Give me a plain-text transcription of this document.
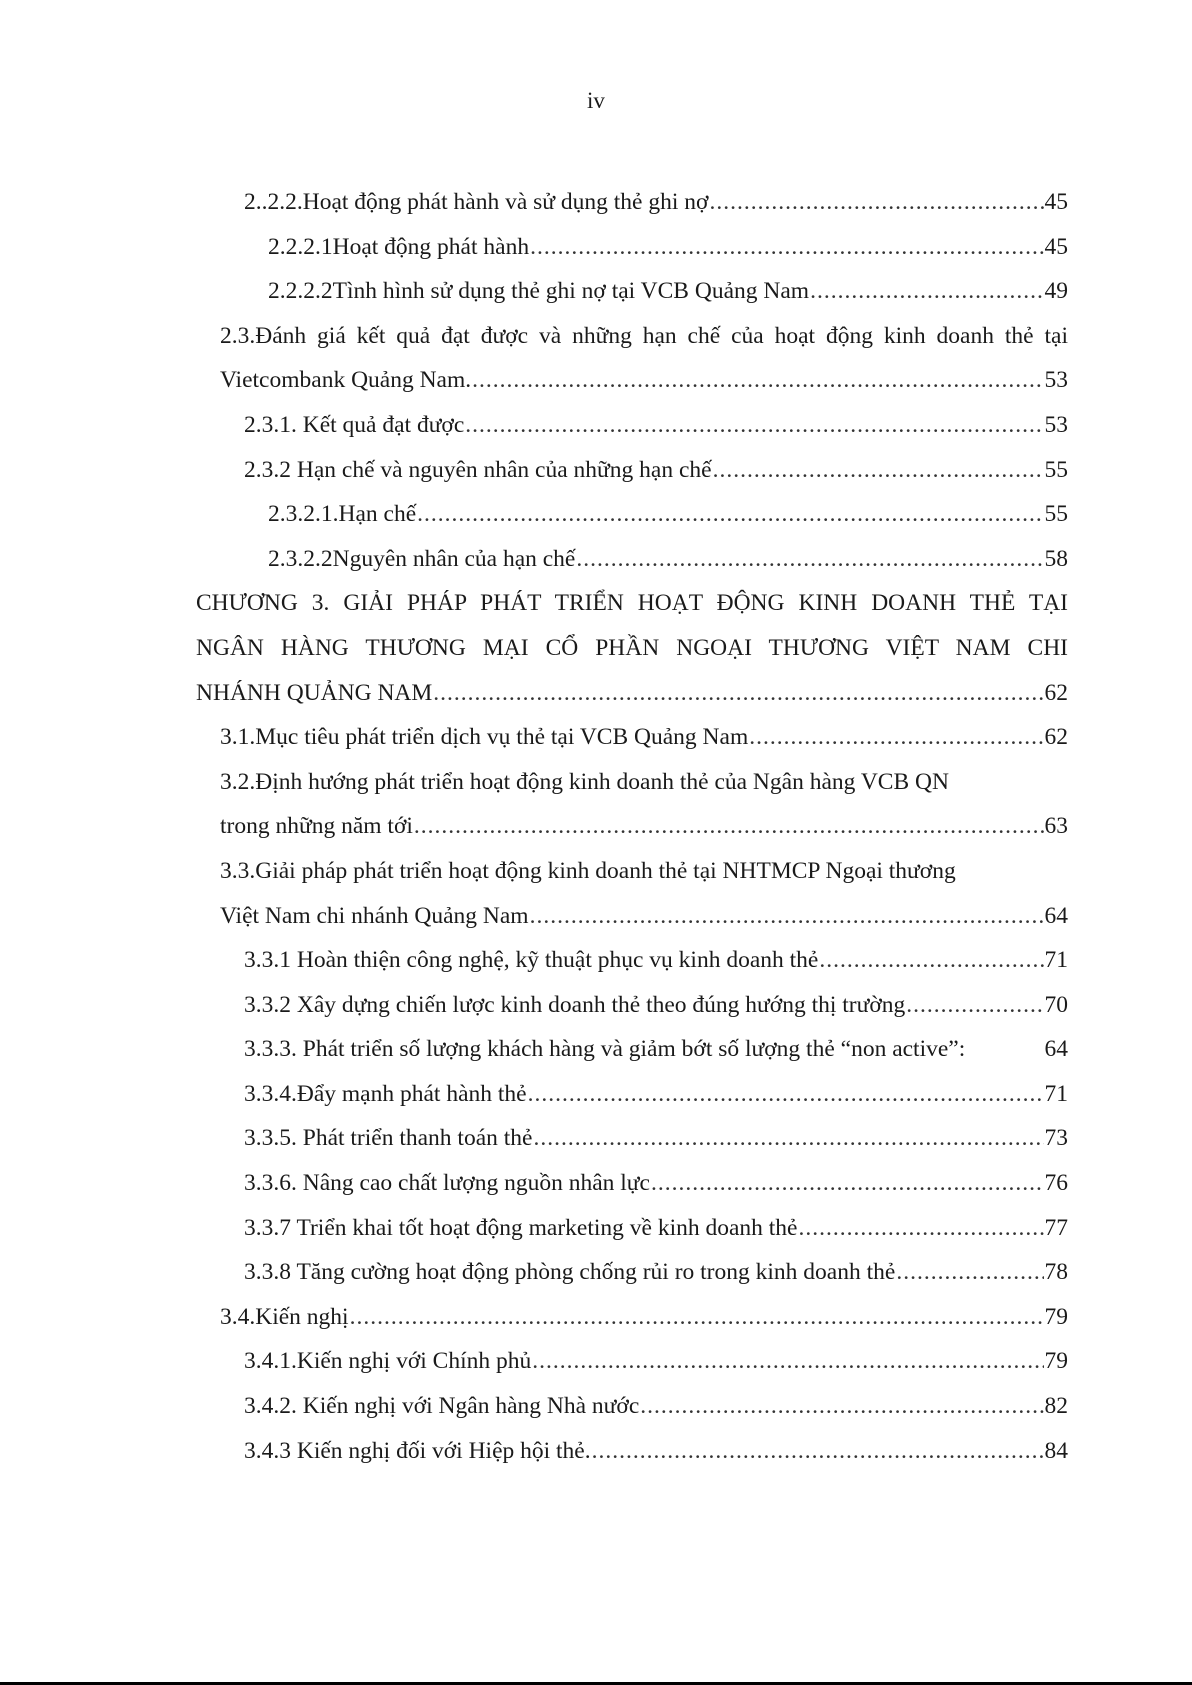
iv
2..2.2.Hoạt động phát hành và sử dụng thẻ ghi nợ .....	45
2.2.2.1Hoạt động phát hành .....	45
2.2.2.2Tình hình sử dụng thẻ ghi nợ tại VCB Quảng Nam .....	49
2.3.Đánh giá kết quả đạt được và những hạn chế của hoạt động kinh doanh thẻ tại
Vietcombank Quảng Nam. .....	53
2.3.1. Kết quả đạt được .....	53
2.3.2 Hạn chế và nguyên nhân của những hạn chế .....	55
2.3.2.1.Hạn chế .....	55
2.3.2.2Nguyên nhân của hạn chế .....	58
CHƯƠNG 3. GIẢI PHÁP PHÁT TRIỂN HOẠT ĐỘNG KINH DOANH THẺ TẠI
NGÂN HÀNG THƯƠNG MẠI CỔ PHẦN NGOẠI THƯƠNG VIỆT NAM CHI
NHÁNH QUẢNG NAM .....	62
3.1.Mục tiêu phát triển dịch vụ thẻ tại VCB Quảng Nam .....	62
3.2.Định hướng phát triển hoạt động kinh doanh thẻ của Ngân hàng VCB QN
trong những năm tới .....	63
3.3.Giải pháp phát triển hoạt động kinh doanh thẻ tại NHTMCP Ngoại thương
Việt Nam chi nhánh Quảng Nam .....	64
3.3.1 Hoàn thiện công nghệ, kỹ thuật phục vụ kinh doanh thẻ .....	71
3.3.2 Xây dựng chiến lược kinh doanh thẻ theo đúng hướng thị trường .....	70
3.3.3. Phát triển số lượng khách hàng và giảm bớt số lượng thẻ “non active”:	64
3.3.4.Đẩy mạnh phát hành thẻ .....	71
3.3.5. Phát triển thanh toán thẻ .....	73
3.3.6. Nâng cao chất lượng nguồn nhân lực .....	76
3.3.7 Triển khai tốt hoạt động marketing về kinh doanh thẻ .....	77
3.3.8 Tăng cường hoạt động phòng chống rủi ro trong kinh doanh thẻ .....	78
3.4.Kiến nghị .....	79
3.4.1.Kiến nghị với Chính phủ .....	79
3.4.2. Kiến nghị với Ngân hàng Nhà nước .....	82
3.4.3 Kiến nghị đối với Hiệp hội thẻ. .....	84
